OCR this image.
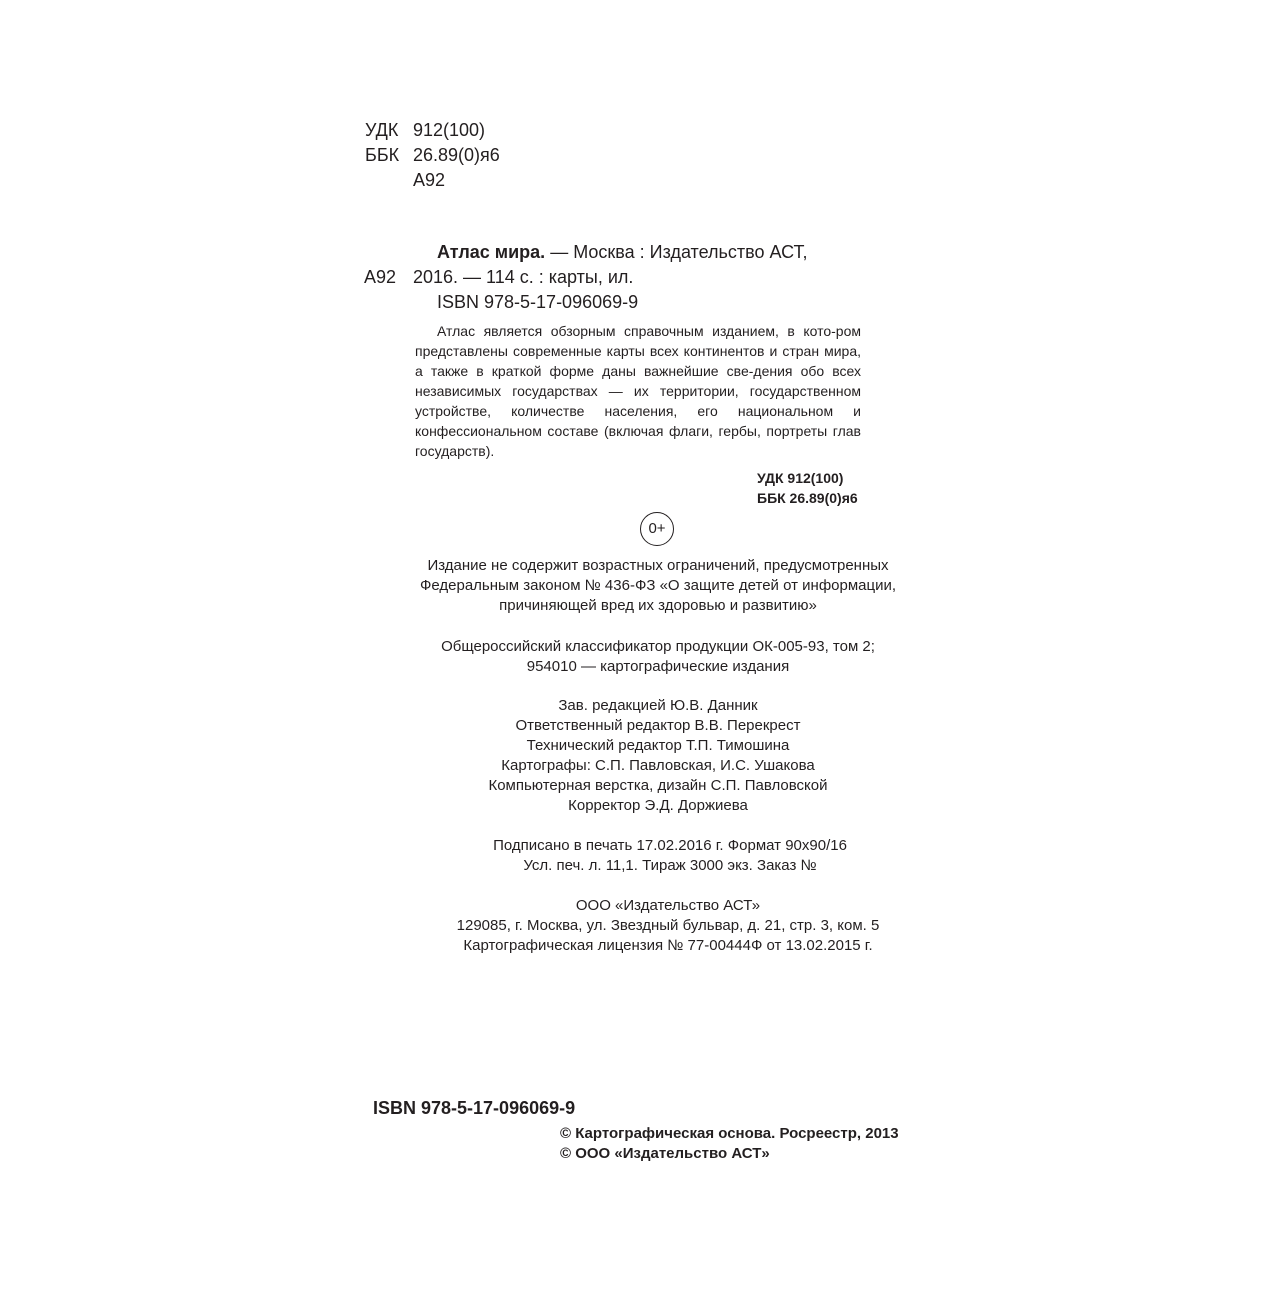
УДК 912(100)
ББК 26.89(0)я6
А92
Атлас мира. — Москва : Издательство АСТ,
А92 2016. — 114 с. : карты, ил.
ISBN 978-5-17-096069-9

Атлас является обзорным справочным изданием, в кото-ром представлены современные карты всех континентов и стран мира, а также в краткой форме даны важнейшие све-дения обо всех независимых государствах — их территории, государственном устройстве, количестве населения, его национальном и конфессиональном составе (включая флаги, гербы, портреты глав государств).

УДК 912(100)
ББК 26.89(0)я6
0+
Издание не содержит возрастных ограничений, предусмотренных
Федеральным законом № 436-ФЗ «О защите детей от информации,
причиняющей вред их здоровью и развитию»
Общероссийский классификатор продукции ОК-005-93, том 2;
954010 — картографические издания
Зав. редакцией Ю.В. Данник
Ответственный редактор В.В. Перекрест
Технический редактор Т.П. Тимошина
Картографы: С.П. Павловская, И.С. Ушакова
Компьютерная верстка, дизайн С.П. Павловской
Корректор Э.Д. Доржиева
Подписано в печать 17.02.2016 г. Формат 90х90/16
Усл. печ. л. 11,1. Тираж 3000 экз. Заказ №
ООО «Издательство АСТ»
129085, г. Москва, ул. Звездный бульвар, д. 21, стр. 3, ком. 5
Картографическая лицензия № 77-00444Ф от 13.02.2015 г.
ISBN 978-5-17-096069-9
© Картографическая основа. Росреестр, 2013
© ООО «Издательство АСТ»
